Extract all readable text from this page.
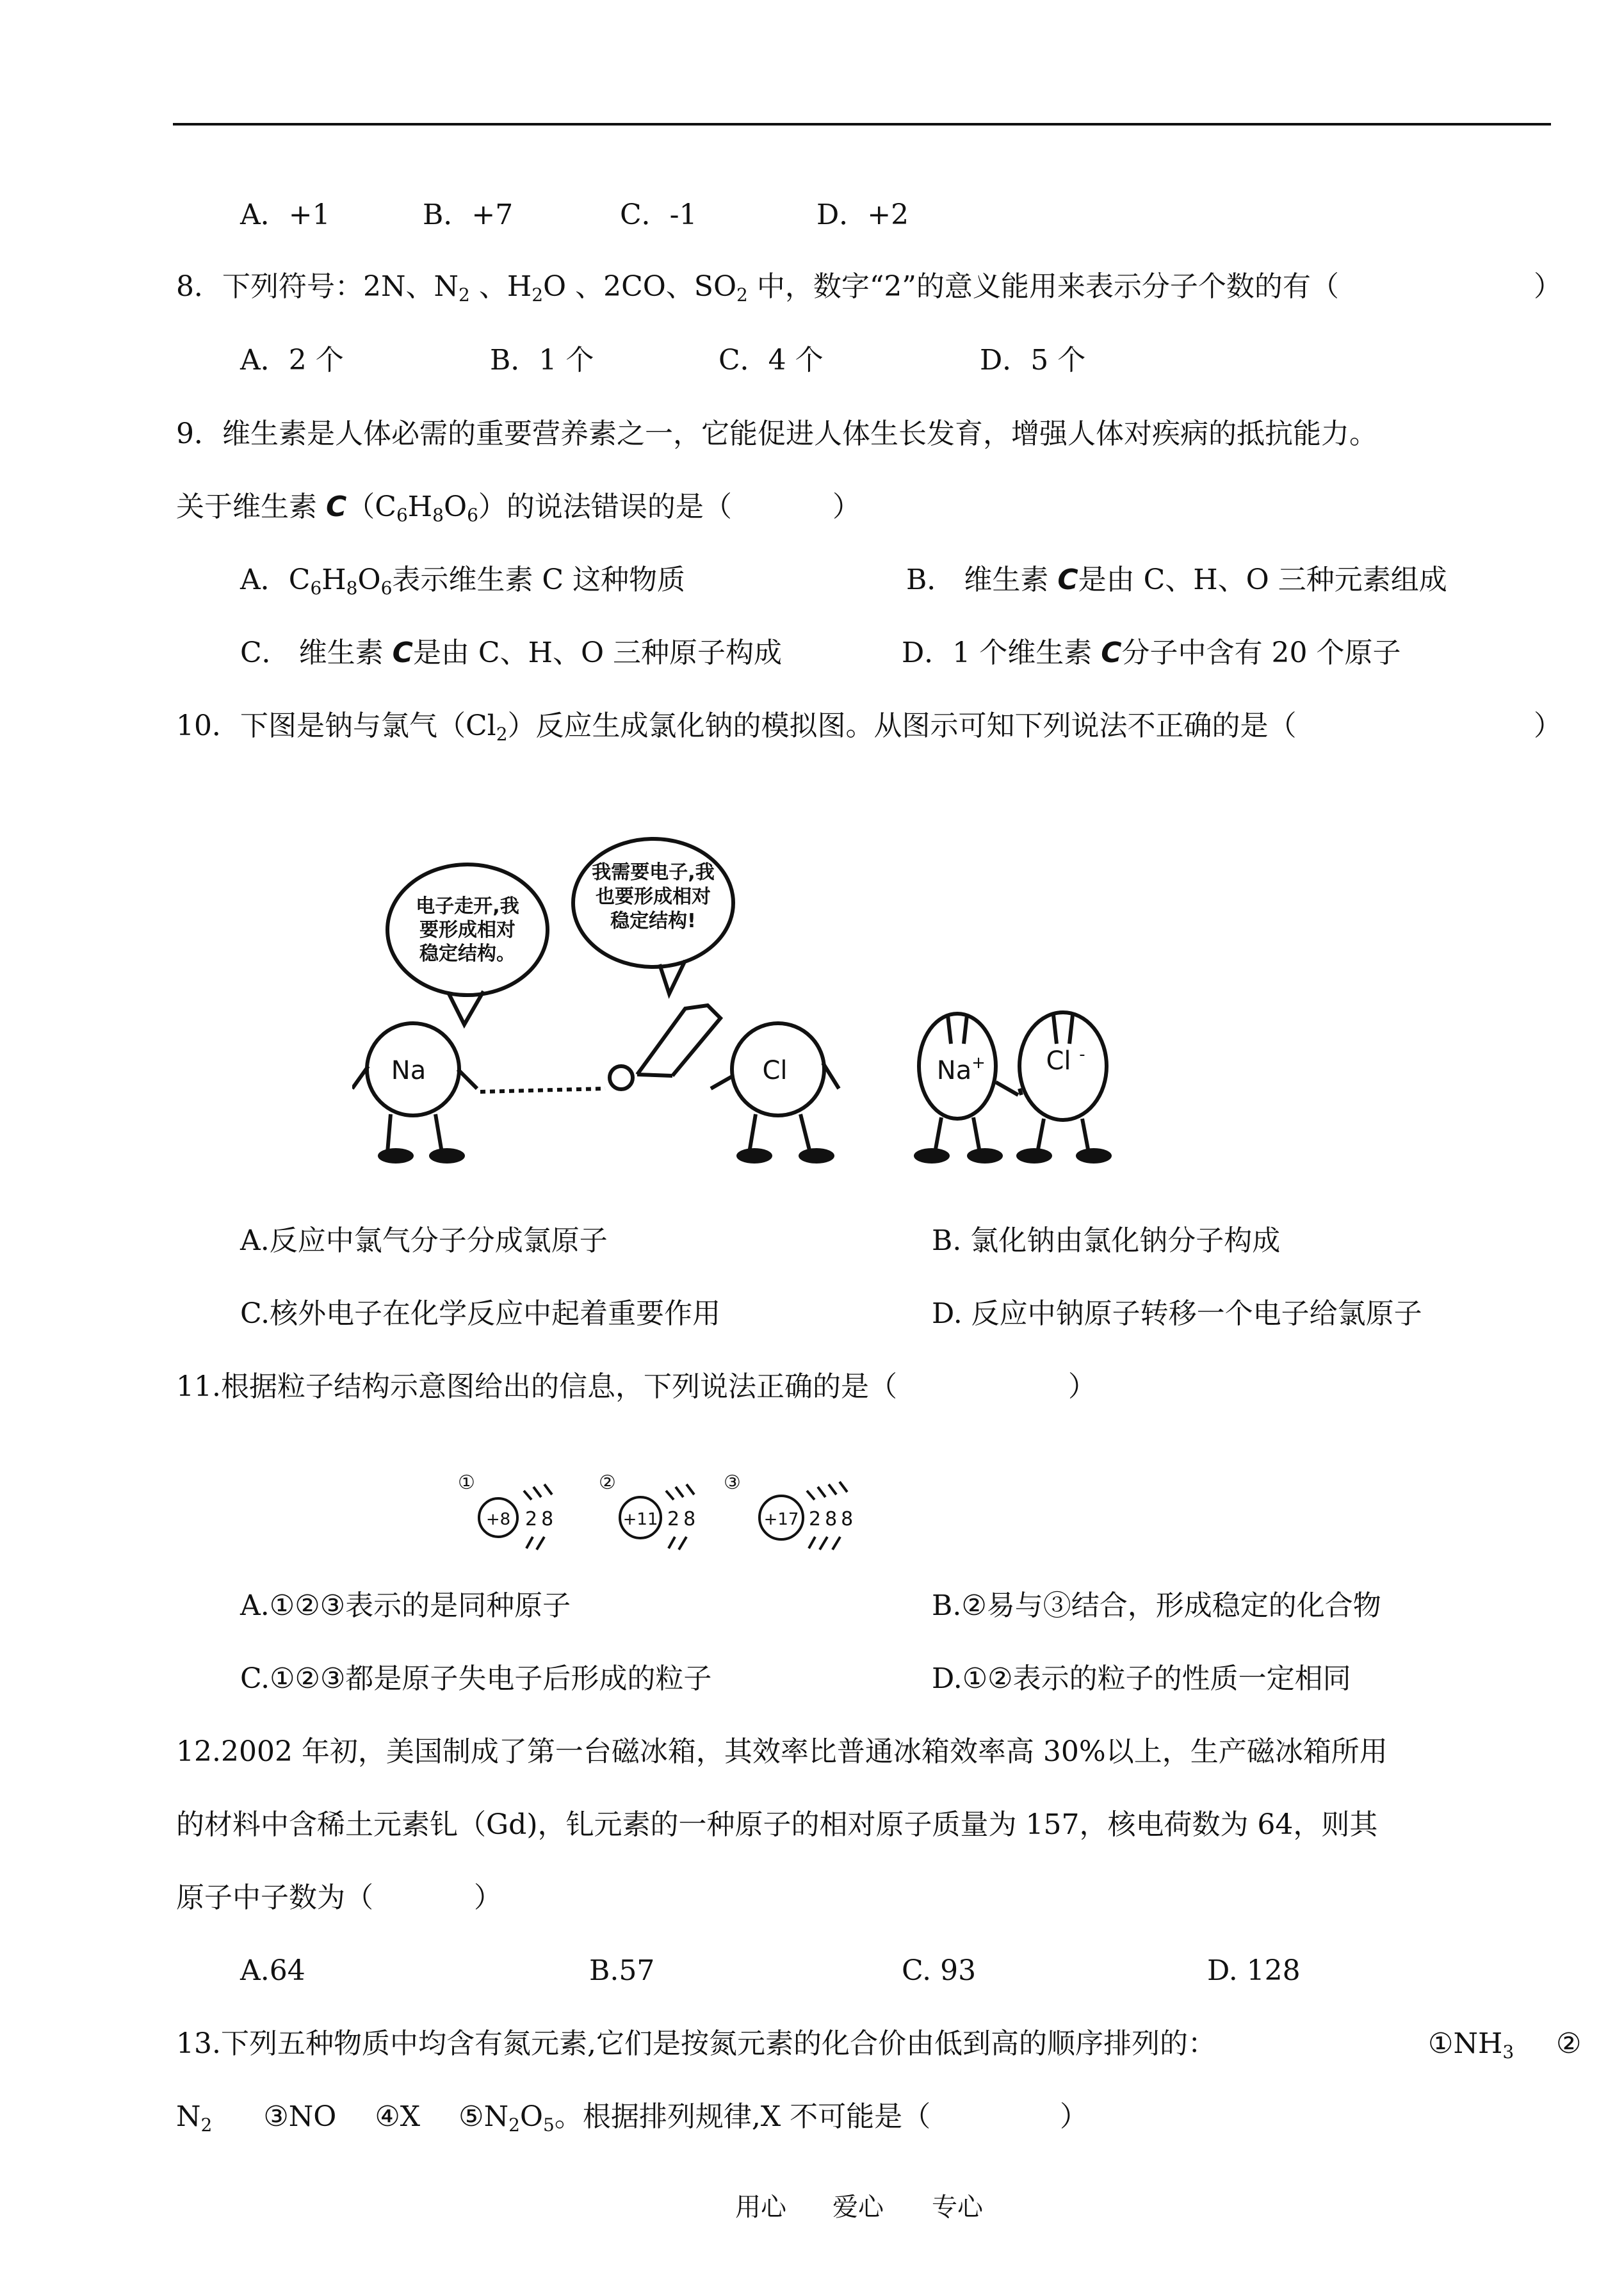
A．+1	B．+7	C．-1	D．+2
8．下列符号：2N、$N_2$ 、$H_2O$ 、2CO、$SO_2$ 中，数字“2”的意义能用来表示分子个数的有（	）
A．2 个	B．1 个	C．4 个	D．5 个
9．维生素是人体必需的重要营养素之一，它能促进人体生长发育，增强人体对疾病的抵抗能力。
关于维生素 $C(C_6H_8O_6)$的说法错误的是（	）
A．$C_6H_8O_6$表示维生素 C 这种物质	B． 维生素 C是由 C、H、O 三种元素组成
C． 维生素 C是由 C、H、O 三种原子构成	D．1 个维生素 C分子中含有 20 个原子
10．下图是钠与氯气$(Cl_2)$反应生成氯化钠的模拟图。从图示可知下列说法不正确的是（	）
电子走开,我
要形成相对
稳定结构。
我需要电子,我
也要形成相对
稳定结构!
Na	Cl	Na + Cl -
A.反应中氯气分子分成氯原子	B. 氯化钠由氯化钠分子构成
C.核外电子在化学反应中起着重要作用	D. 反应中钠原子转移一个电子给氯原子
11.根据粒子结构示意图给出的信息，下列说法正确的是（	）
①	②	③
+8	+11	+17
28	28	288
A.①②③表示的是同种原子	B.②易与③结合，形成稳定的化合物
C.①②③都是原子失电子后形成的粒子	D.①②表示的粒子的性质一定相同
12.2002 年初，美国制成了第一台磁冰箱，其效率比普通冰箱效率高 30%以上，生产磁冰箱所用
的材料中含稀土元素钆（Gd)，钆元素的一种原子的相对原子质量为 157，核电荷数为 64，则其
原子中子数为（	）
A.64	B.57	C. 93	D. 128
13.下列五种物质中均含有氮元素,它们是按氮元素的化合价由低到高的顺序排列的：	$①NH_3$ ②
$N_2$ ③NO ④X $⑤N_2O_5$。根据排列规律,X 不可能是（	）
用心 爱心 专心
